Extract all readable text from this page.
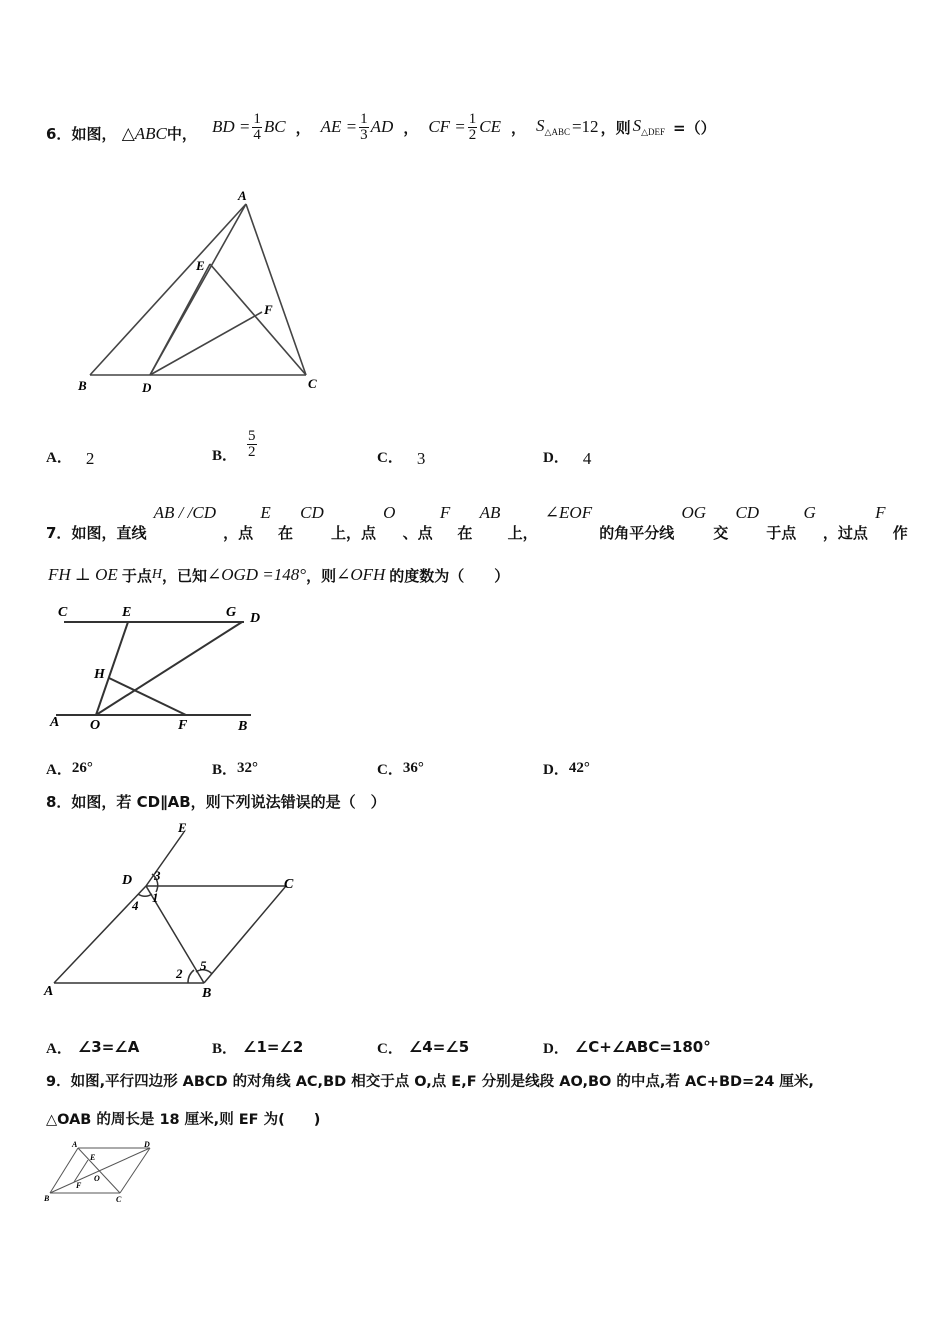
6．如图， △ABC中， BD = $\frac{1}{4}$ BC ， AE = $\frac{1}{3}$ AD ， CF = $\frac{1}{2}$ CE ， $S_{\triangle ABC} =12$ ，则 $S_{\triangle DEF}$ =（）
A
B	C
D
E
F
A． 2	B． $\frac{5}{2}$	C． 3	D． 4
7．如图，直线
AB / /CD
，点
E
在
CD
上，点
O
、点
F
在
AB
上，
∠EOF
的角平分线
OG
交
CD
于点
G
，过点
F
作
FH ⊥ OE 于点 H ，已知 ∠OGD =148° ，则 ∠OFH 的度数为（　　）
C	E	G D
H
A O	F	B
A． 26°	B． 32°	C． 36°	D． 42°
8．如图，若 CD∥AB，则下列说法错误的是（　）
E
D	C
A	B
1
2
3
4
5
A． ∠3=∠A	B． ∠1=∠2	C． ∠4=∠5	D． ∠C+∠ABC=180°
9．如图,平行四边形 ABCD 的对角线 AC,BD 相交于点 O,点 E,F 分别是线段 AO,BO 的中点,若 AC+BD=24 厘米,
△OAB 的周长是 18 厘米,则 EF 为(　　)
A	D
E
O
F
B	C
